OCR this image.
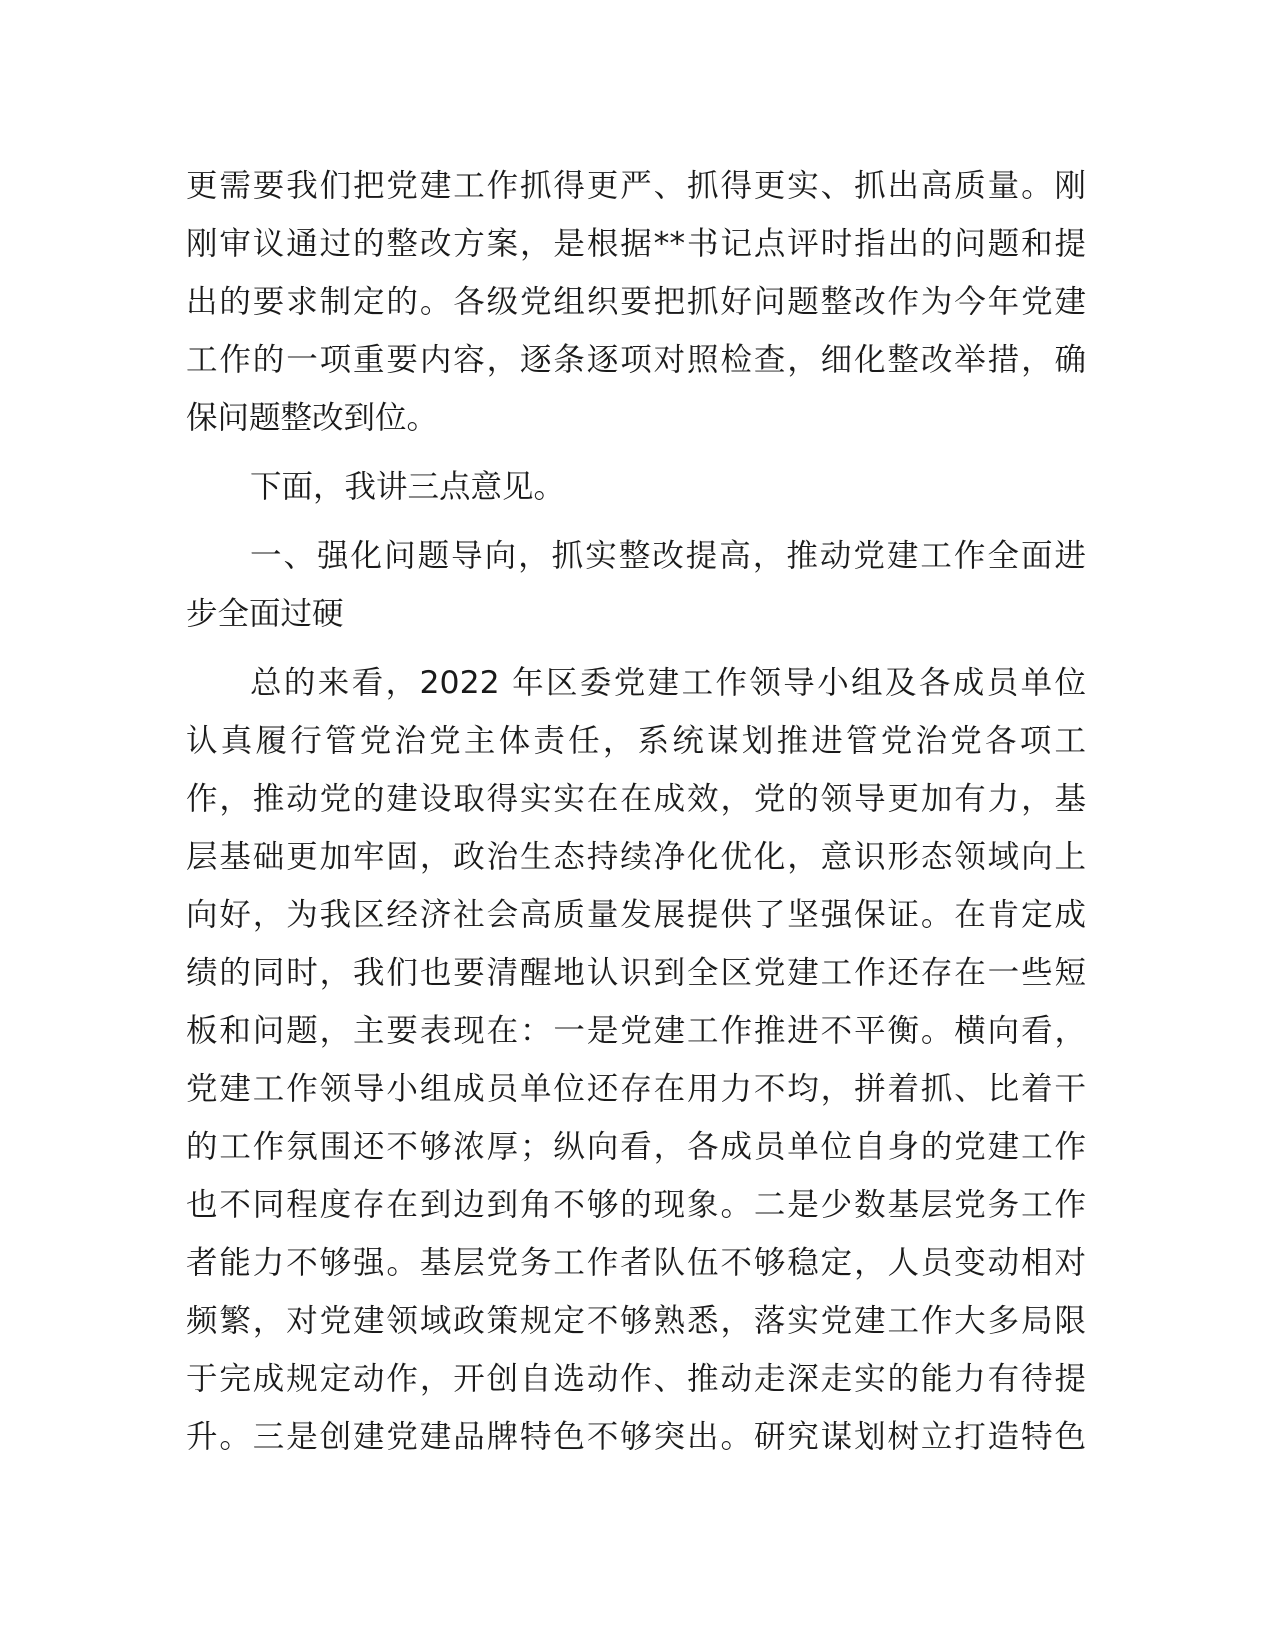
更需要我们把党建工作抓得更严、抓得更实、抓出高质量。刚
刚审议通过的整改方案，是根据**书记点评时指出的问题和提
出的要求制定的。各级党组织要把抓好问题整改作为今年党建
工作的一项重要内容，逐条逐项对照检查，细化整改举措，确
保问题整改到位。

下面，我讲三点意见。

一、强化问题导向，抓实整改提高，推动党建工作全面进
步全面过硬

总的来看，2022 年区委党建工作领导小组及各成员单位
认真履行管党治党主体责任，系统谋划推进管党治党各项工
作，推动党的建设取得实实在在成效，党的领导更加有力，基
层基础更加牢固，政治生态持续净化优化，意识形态领域向上
向好，为我区经济社会高质量发展提供了坚强保证。在肯定成
绩的同时，我们也要清醒地认识到全区党建工作还存在一些短
板和问题，主要表现在：一是党建工作推进不平衡。横向看，
党建工作领导小组成员单位还存在用力不均，拼着抓、比着干
的工作氛围还不够浓厚；纵向看，各成员单位自身的党建工作
也不同程度存在到边到角不够的现象。二是少数基层党务工作
者能力不够强。基层党务工作者队伍不够稳定，人员变动相对
频繁，对党建领域政策规定不够熟悉，落实党建工作大多局限
于完成规定动作，开创自选动作、推动走深走实的能力有待提
升。三是创建党建品牌特色不够突出。研究谋划树立打造特色
